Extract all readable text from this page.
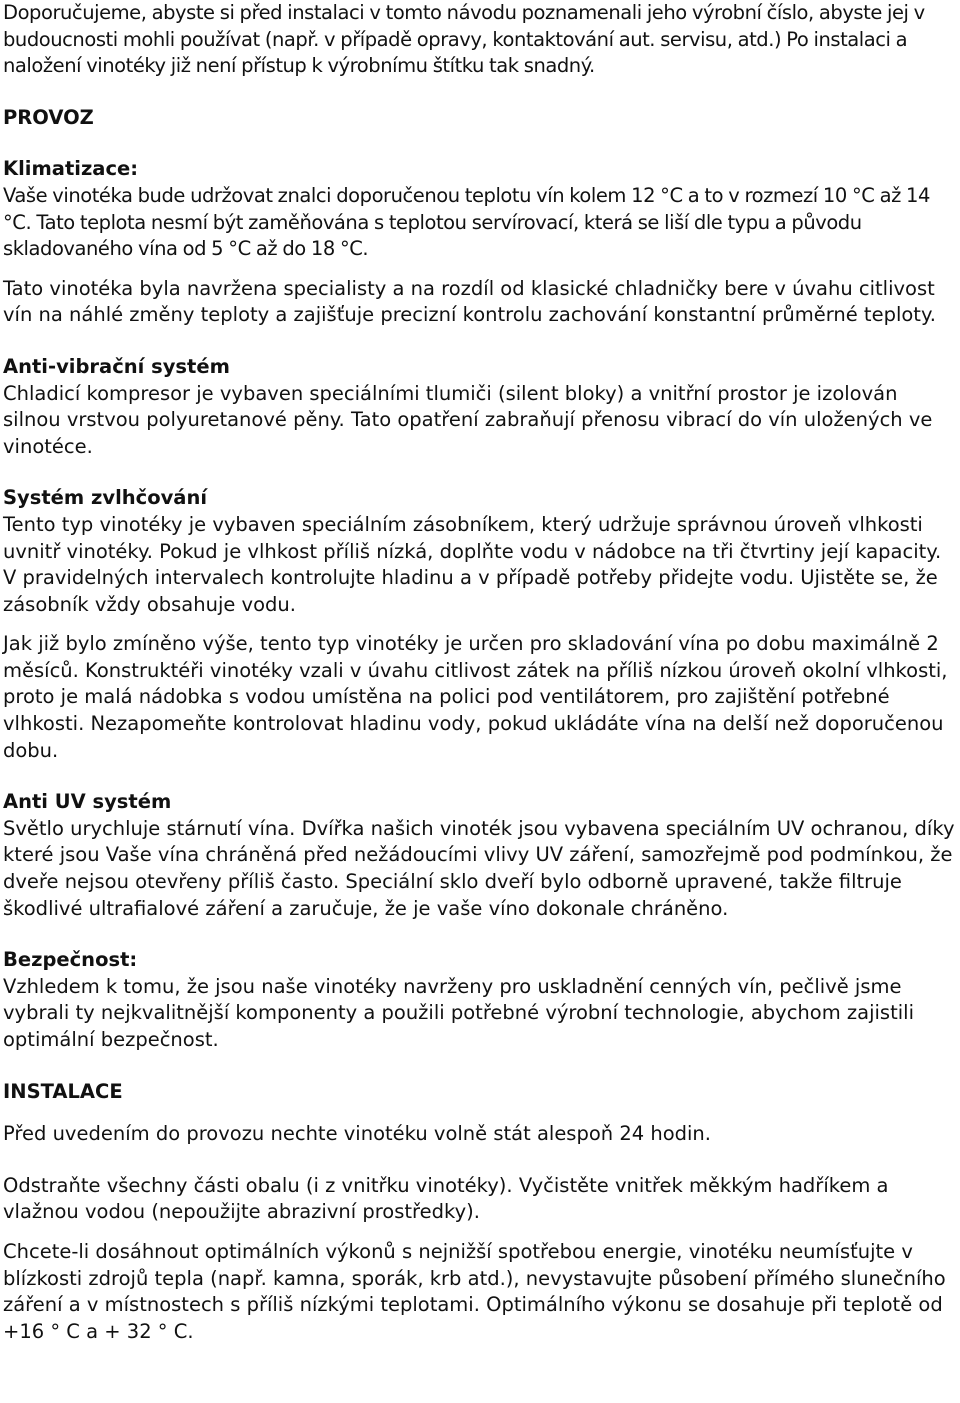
Doporučujeme, abyste si před instalaci v tomto návodu poznamenali jeho výrobní číslo, abyste jej v budoucnosti mohli používat (např. v případě opravy, kontaktování aut. servisu, atd.) Po instalaci a naložení vinotéky již není přístup k výrobnímu štítku tak snadný.

PROVOZ
Klimatizace:

Vaše vinotéka bude udržovat znalci doporučenou teplotu vín kolem 12 °C a to v rozmezí 10 °C až 14 °C. Tato teplota nesmí být zaměňována s teplotou servírovací, která se liší dle typu a původu skladovaného vína od 5 °C až do 18 °C.

Tato vinotéka byla navržena specialisty a na rozdíl od klasické chladničky bere v úvahu citlivost vín na náhlé změny teploty a zajišťuje precizní kontrolu zachování konstantní průměrné teploty.

Anti-vibrační systém

Chladicí kompresor je vybaven speciálními tlumiči (silent bloky) a vnitřní prostor je izolován silnou vrstvou polyuretanové pěny. Tato opatření zabraňují přenosu vibrací do vín uložených ve vinotéce.

Systém zvlhčování

Tento typ vinotéky je vybaven speciálním zásobníkem, který udržuje správnou úroveň vlhkosti uvnitř vinotéky. Pokud je vlhkost příliš nízká, doplňte vodu v nádobce na tři čtvrtiny její kapacity. V pravidelných intervalech kontrolujte hladinu a v případě potřeby přidejte vodu. Ujistěte se, že zásobník vždy obsahuje vodu.

Jak již bylo zmíněno výše, tento typ vinotéky je určen pro skladování vína po dobu maximálně 2 měsíců. Konstruktéři vinotéky vzali v úvahu citlivost zátek na příliš nízkou úroveň okolní vlhkosti, proto je malá nádobka s vodou umístěna na polici pod ventilátorem, pro zajištění potřebné vlhkosti. Nezapomeňte kontrolovat hladinu vody, pokud ukládáte vína na delší než doporučenou dobu.

Anti UV systém

Světlo urychluje stárnutí vína. Dvířka našich vinoték jsou vybavena speciálním UV ochranou, díky které jsou Vaše vína chráněná před nežádoucími vlivy UV záření, samozřejmě pod podmínkou, že dveře nejsou otevřeny příliš často. Speciální sklo dveří bylo odborně upravené, takže filtruje škodlivé ultrafialové záření a zaručuje, že je vaše víno dokonale chráněno.

Bezpečnost:

Vzhledem k tomu, že jsou naše vinotéky navrženy pro uskladnění cenných vín, pečlivě jsme vybrali ty nejkvalitnější komponenty a použili potřebné výrobní technologie, abychom zajistili optimální bezpečnost.

INSTALACE

Před uvedením do provozu nechte vinotéku volně stát alespoň 24 hodin.

Odstraňte všechny části obalu (i z vnitřku vinotéky). Vyčistěte vnitřek měkkým hadříkem a vlažnou vodou (nepoužijte abrazivní prostředky).

Chcete-li dosáhnout optimálních výkonů s nejnižší spotřebou energie, vinotéku neumísťujte v blízkosti zdrojů tepla (např. kamna, sporák, krb atd.), nevystavujte působení přímého slunečního záření a v místnostech s příliš nízkými teplotami. Optimálního výkonu se dosahuje při teplotě od +16 ° C a + 32 ° C.
